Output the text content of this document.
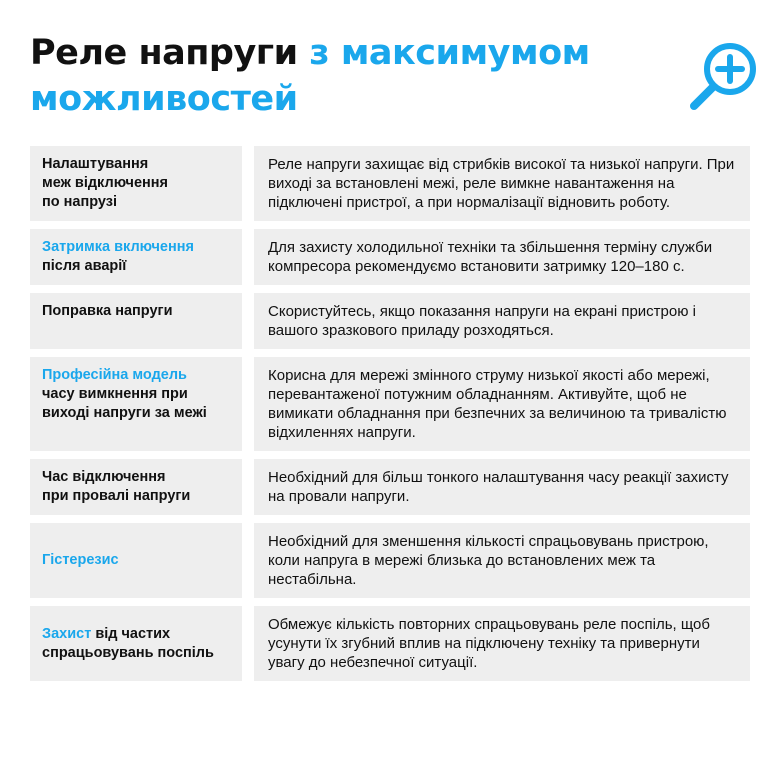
Реле напруги з максимумом можливостей
Налаштування
меж відключення
по напрузі
Реле напруги захищає від стрибків високої та низької напруги. При виході за встановлені межі, реле вимкне навантаження на підключені пристрої, а при нормалізації відновить роботу.
Затримка включення
після аварії
Для захисту холодильної техніки та збільшення терміну служби компресора рекомендуємо встановити затримку 120–180 с.
Поправка напруги	Скористуйтесь, якщо показання напруги на екрані пристрою і вашого зразкового приладу розходяться.
Професійна модель
часу вимкнення при
виході напруги за межі
Корисна для мережі змінного струму низької якості або мережі, перевантаженої потужним обладнанням. Активуйте, щоб не вимикати обладнання при безпечних за величиною та тривалістю відхиленнях напруги.
Час відключення
при провалі напруги
Необхідний для більш тонкого налаштування часу реакції захисту на провали напруги.
Гістерезис
Необхідний для зменшення кількості спрацьовувань пристрою, коли напруга в мережі близька до встановлених меж та нестабільна.
Захист від частих
спрацьовувань поспіль
Обмежує кількість повторних спрацьовувань реле поспіль, щоб усунути їх згубний вплив на підключену техніку та привернути увагу до небезпечної ситуації.
